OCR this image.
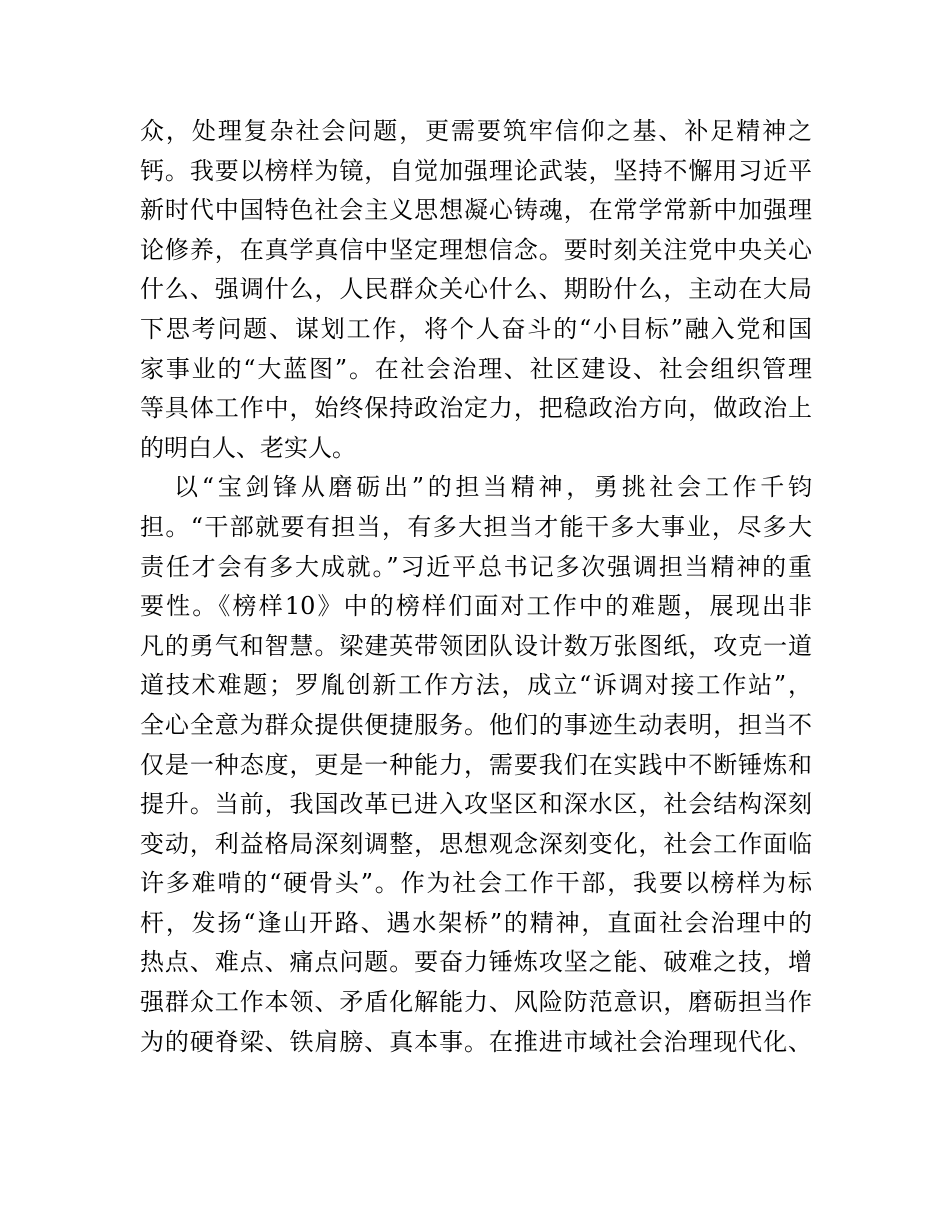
众，处理复杂社会问题，更需要筑牢信仰之基、补足精神之
钙。我要以榜样为镜，自觉加强理论武装，坚持不懈用习近平
新时代中国特色社会主义思想凝心铸魂，在常学常新中加强理
论修养，在真学真信中坚定理想信念。要时刻关注党中央关心
什么、强调什么，人民群众关心什么、期盼什么，主动在大局
下思考问题、谋划工作，将个人奋斗的“小目标”融入党和国
家事业的“大蓝图”。在社会治理、社区建设、社会组织管理
等具体工作中，始终保持政治定力，把稳政治方向，做政治上
的明白人、老实人。
以“宝剑锋从磨砺出”的担当精神，勇挑社会工作千钧
担。“干部就要有担当，有多大担当才能干多大事业，尽多大
责任才会有多大成就。”习近平总书记多次强调担当精神的重
要性。《榜样10》中的榜样们面对工作中的难题，展现出非
凡的勇气和智慧。梁建英带领团队设计数万张图纸，攻克一道
道技术难题；罗胤创新工作方法，成立“诉调对接工作站”，
全心全意为群众提供便捷服务。他们的事迹生动表明，担当不
仅是一种态度，更是一种能力，需要我们在实践中不断锤炼和
提升。当前，我国改革已进入攻坚区和深水区，社会结构深刻
变动，利益格局深刻调整，思想观念深刻变化，社会工作面临
许多难啃的“硬骨头”。作为社会工作干部，我要以榜样为标
杆，发扬“逢山开路、遇水架桥”的精神，直面社会治理中的
热点、难点、痛点问题。要奋力锤炼攻坚之能、破难之技，增
强群众工作本领、矛盾化解能力、风险防范意识，磨砺担当作
为的硬脊梁、铁肩膀、真本事。在推进市域社会治理现代化、
